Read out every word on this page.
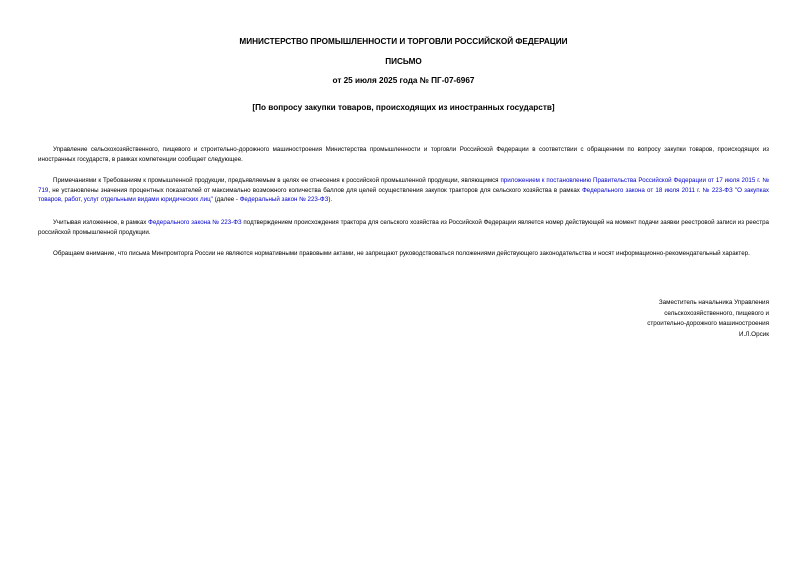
МИНИСТЕРСТВО ПРОМЫШЛЕННОСТИ И ТОРГОВЛИ РОССИЙСКОЙ ФЕДЕРАЦИИ
ПИСЬМО
от 25 июля 2025 года № ПГ-07-6967
[По вопросу закупки товаров, происходящих из иностранных государств]

Управление сельскохозяйственного, пищевого и строительно-дорожного машиностроения Министерства промышленности и торговли Российской Федерации в соответствии с обращением по вопросу закупки товаров, происходящих из иностранных государств, в рамках компетенции сообщает следующее.

Примечаниями к Требованиям к промышленной продукции, предъявляемым в целях ее отнесения к российской промышленной продукции, являющимся приложением к постановлению Правительства Российской Федерации от 17 июля 2015 г. № 719, не установлены значения процентных показателей от максимально возможного количества баллов для целей осуществления закупок тракторов для сельского хозяйства в рамках Федерального закона от 18 июля 2011 г. № 223-ФЗ "О закупках товаров, работ, услуг отдельными видами юридических лиц" (далее - Федеральный закон № 223-ФЗ).

Учитывая изложенное, в рамках Федерального закона № 223-ФЗ подтверждением происхождения трактора для сельского хозяйства из Российской Федерации является номер действующей на момент подачи заявки реестровой записи из реестра российской промышленной продукции.

Обращаем внимание, что письма Минпромторга России не являются нормативными правовыми актами, не запрещают руководствоваться положениями действующего законодательства и носят информационно-рекомендательный характер.

Заместитель начальника Управления
сельскохозяйственного, пищевого и
строительно-дорожного машиностроения
И.Л.Орсик
